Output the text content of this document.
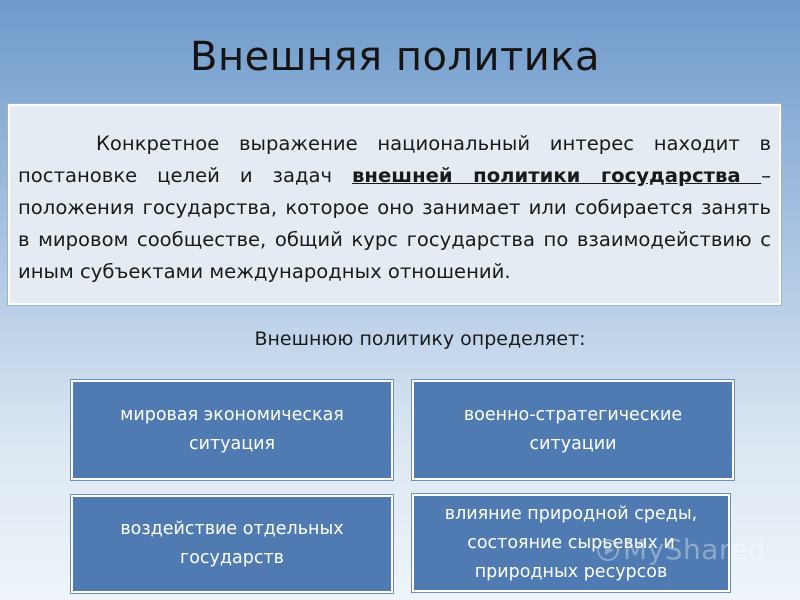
Внешняя политика

Конкретное выражение национальный интерес находит в постановке целей и задач внешней политики государства – положения государства, которое оно занимает или собирается занять в мировом сообществе, общий курс государства по взаимодействию с иным субъектами международных отношений.

Внешнюю политику определяет:
мировая экономическая ситуация
военно-стратегические ситуации
воздействие отдельных государств
влияние природной среды, состояние сырьевых и природных ресурсов
MyShared
